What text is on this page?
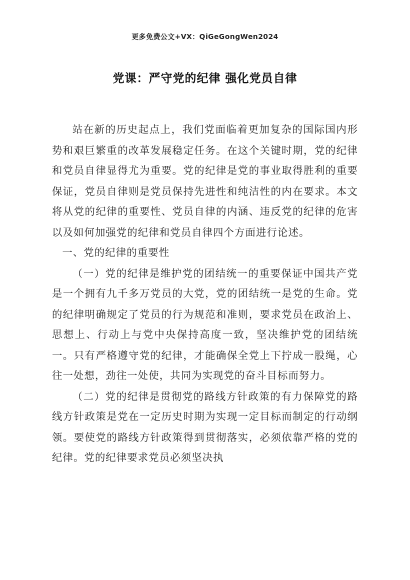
更多免费公文+VX：QiGeGongWen2024
党课：严守党的纪律 强化党员自律

站在新的历史起点上，我们党面临着更加复杂的国际国内形势和艰巨繁重的改革发展稳定任务。在这个关键时期，党的纪律和党员自律显得尤为重要。党的纪律是党的事业取得胜利的重要保证，党员自律则是党员保持先进性和纯洁性的内在要求。本文将从党的纪律的重要性、党员自律的内涵、违反党的纪律的危害以及如何加强党的纪律和党员自律四个方面进行论述。

一、党的纪律的重要性

（一）党的纪律是维护党的团结统一的重要保证中国共产党是一个拥有九千多万党员的大党，党的团结统一是党的生命。党的纪律明确规定了党员的行为规范和准则，要求党员在政治上、思想上、行动上与党中央保持高度一致，坚决维护党的团结统一。只有严格遵守党的纪律，才能确保全党上下拧成一股绳，心往一处想，劲往一处使，共同为实现党的奋斗目标而努力。

（二）党的纪律是贯彻党的路线方针政策的有力保障党的路线方针政策是党在一定历史时期为实现一定目标而制定的行动纲领。要使党的路线方针政策得到贯彻落实，必须依靠严格的党的纪律。党的纪律要求党员必须坚决执
